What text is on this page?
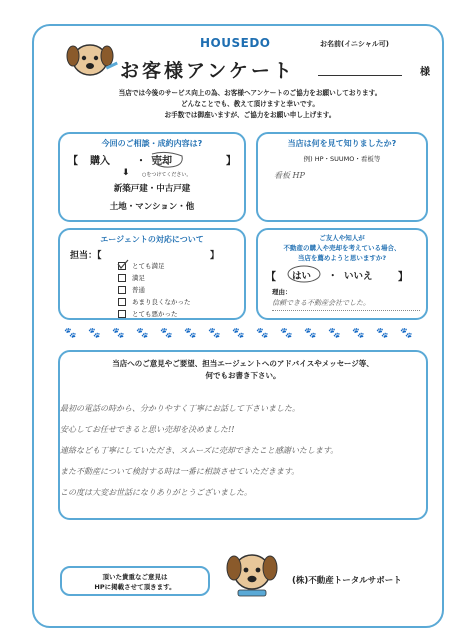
HOUSEDO	お名前(イニシャル可)
お客様アンケート	様
当店では今後のサービス向上の為、お客様へアンケートのご協力をお願いしております。
どんなことでも、教えて頂けますと幸いです。
お手数では御座いますが、ご協力をお願い申し上げます。
今回のご相談・成約内容は?
【 購入	・ 売却	】
⬇ ○をつけてください。
新築戸建・中古戸建
土地・マンション・他
当店は何を見て知りましたか?
例) HP・SUUMO・看板等
看板 HP
エージェントの対応について
担当：【	】
とても満足
満足
普通
あまり良くなかった
とても悪かった
ご友人や知人が
不動産の購入や売却を考えている場合、
当店を薦めようと思いますか?
【 はい ・ いいえ	】
理由：
信頼できる不動産会社でした。
🐾 🐾 🐾 🐾 🐾 🐾 🐾 🐾 🐾 🐾 🐾 🐾 🐾 🐾 🐾
当店へのご意見やご要望、担当エージェントへのアドバイスやメッセージ等、
何でもお書き下さい。
最初の電話の時から、分かりやすく丁寧にお話して下さいました。
安心してお任せできると思い売却を決めました!!
連絡なども丁寧にしていただき、スムーズに売却できたこと感謝いたします。
また不動産について検討する時は一番に相談させていただきます。
この度は大変お世話になりありがとうございました。
頂いた貴重なご意見は
HPに掲載させて頂きます。
(株)不動産トータルサポート
